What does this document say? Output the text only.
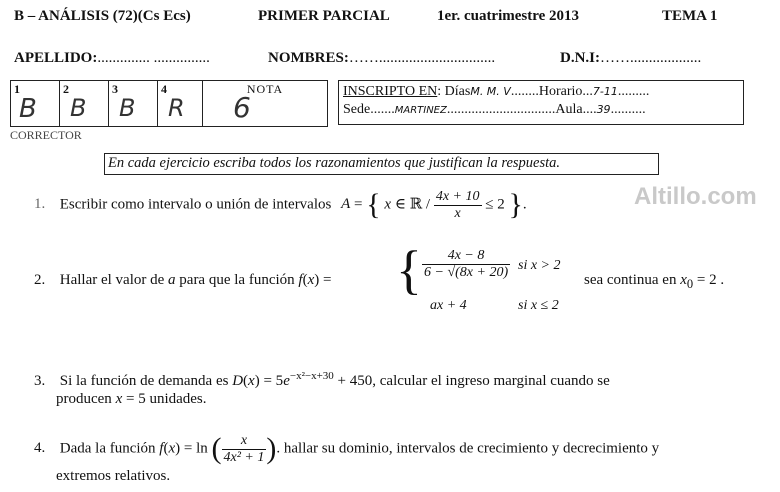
B – ANÁLISIS (72)(Cs Ecs)	PRIMER PARCIAL	1er. cuatrimestre 2013	TEMA 1
APELLIDO:.............. ...............	NOMBRES:……...............................	D.N.I:……...................
1
B
	2
B
	3
B
	4
R
	NOTA
6	INSCRIPTO EN: DíasM. M. V........Horario...7-11.........
Sede.......MARTINEZ...............................Aula....39..........
CORRECTOR
En cada ejercicio escriba todos los razonamientos que justifican la respuesta.
Altillo.com
1. Escribir como intervalo o unión de intervalos A = { x ∈ ℝ / $\frac{4x + 10}{x} \le 2$ }.
2. Hallar el valor de a para que la función f(x) = { $\frac{4x - 8}{6 - √(8x + 20)}$ si x > 2
ax + 4	si x ≤ 2
sea continua en $x_0 = 2$ .
3. Si la función de demanda es $D(x) = 5e^{-x^2-x+30} + 450$, calcular el ingreso marginal cuando se
producen x = 5 unidades.
4. Dada la función f(x) = ln ( $\frac{x}{\text{4x² + 1}}$ ). hallar su dominio, intervalos de crecimiento y decrecimiento y
extremos relativos.
